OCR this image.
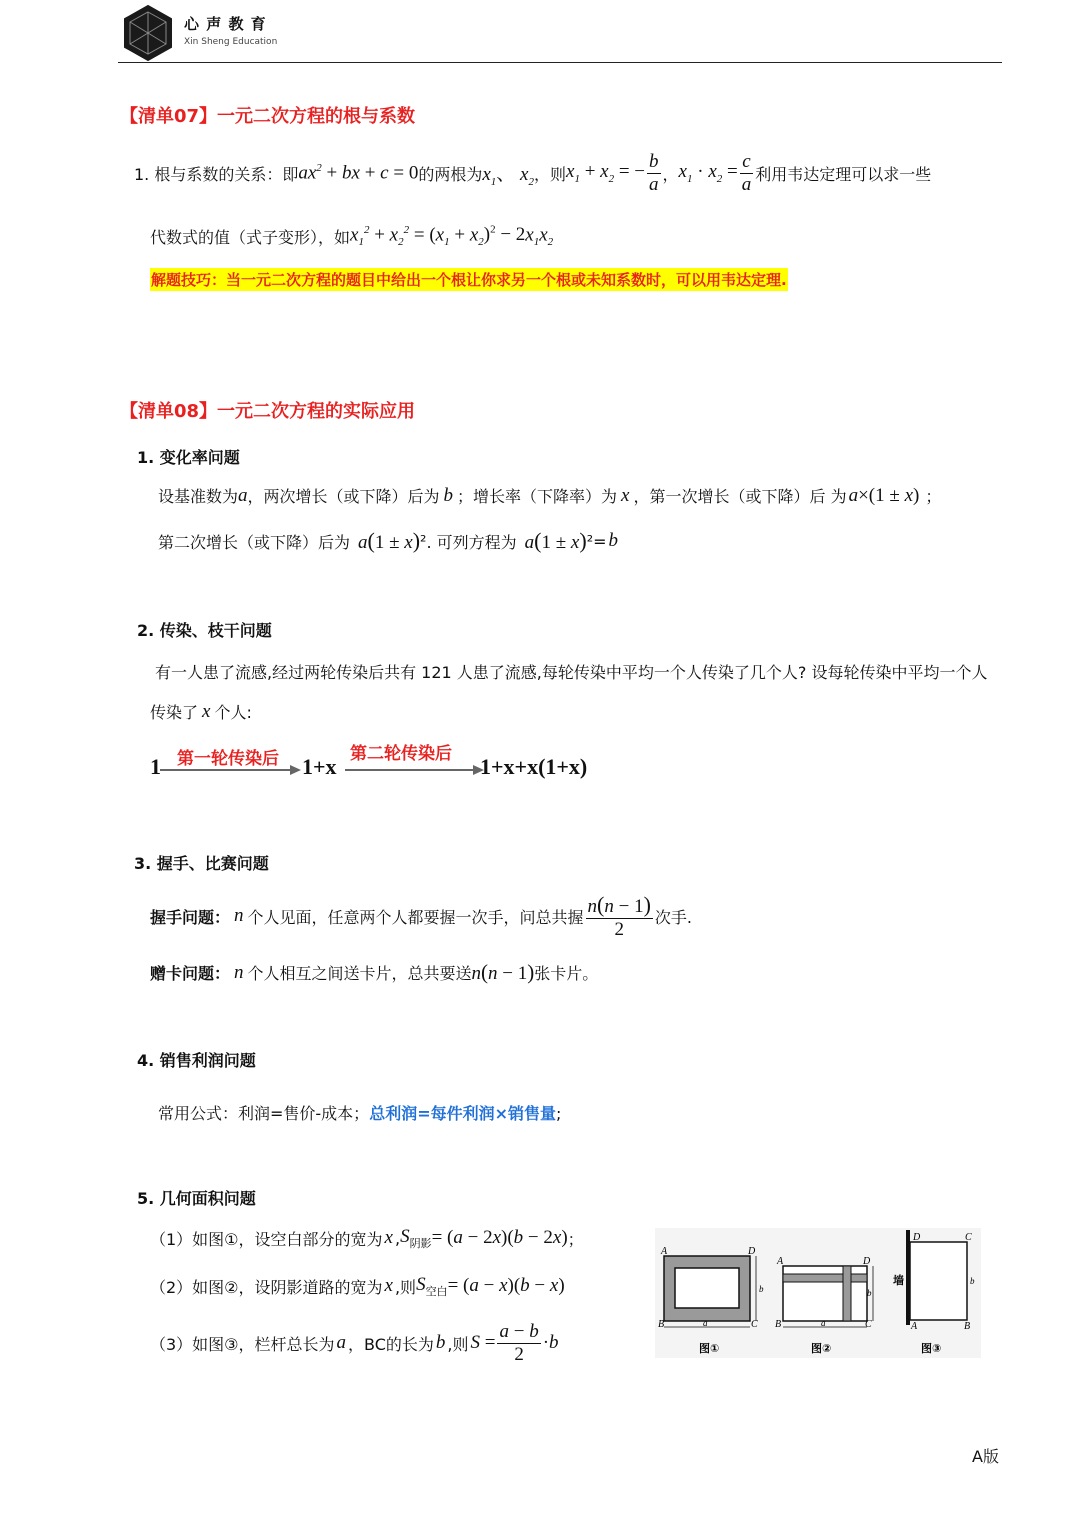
心 声 教 育
Xin Sheng Education
【清单07】一元二次方程的根与系数
1. 根与系数的关系：即 $ax^2$ + bx + c = 0 的两根为 $x_1$、 $x_2$ ，则 $x_1 + x_2$ = − $\frac{b}{a}$ ， $x_1 \cdot x_2 = \frac{c}{a}$ 利用韦达定理可以求一些
代数式的值（式子变形），如 $x_1^2 + x_2^2 = (x_1 + x_2)^2 - 2x_1x_2$
解题技巧：当一元二次方程的题目中给出一个根让你求另一个根或未知系数时，可以用韦达定理.
【清单08】一元二次方程的实际应用
1. 变化率问题
设基准数为 a ，两次增长（或下降）后为 b ；增长率（下降率）为 x ，第一次增长（或下降）后 为 a×(1 ± x) ；
第二次增长（或下降）后为 a(1 ± x) ² . 可列方程为 a(1 ± x) ²= b
2. 传染、枝干问题
有一人患了流感,经过两轮传染后共有 121 人患了流感,每轮传染中平均一个人传染了几个人? 设每轮传染中平均一个人
传染了 x 个人:
1 第一轮传染后 1+x
第二轮传染后
1+x+x(1+x)
3. 握手、比赛问题
握手问题： n 个人见面，任意两个人都要握一次手，问总共握 $\frac{n(n - 1)}{2}$ 次手.
赠卡问题： n 个人相互之间送卡片，总共要送 n(n − 1) 张卡片。
4. 销售利润问题
常用公式：利润=售价-成本；总利润=每件利润×销售量;
5. 几何面积问题
（1）如图①，设空白部分的宽为 x , $S_{阴影} = (a - 2x)(b - 2x)$ ；
（2）如图②，设阴影道路的宽为 x ,则 $S_{空白} = (a - x)(b - x)$
（3）如图③，栏杆总长为 a ，BC的长为 b ,则 $S = \frac{a - b}{2} \cdot b$
A	D
B	C
b
a
图①
A	D
B	C
b
a
图②
D	C
A	B
b
墙
图③
A版
